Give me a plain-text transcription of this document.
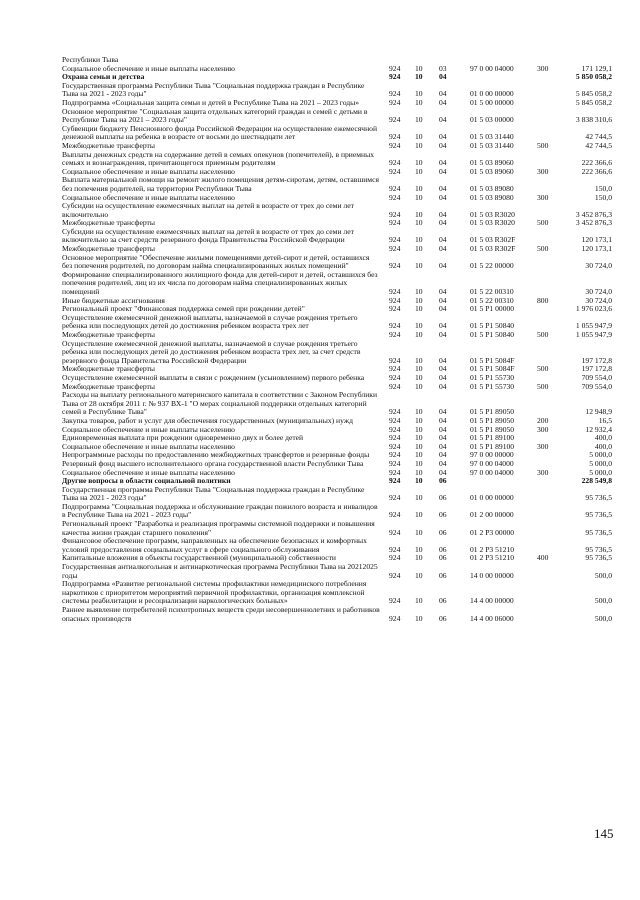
Республики Тыва
Социальное обеспечение и иные выплаты населению	924	10	03	97 0 00 04000	300	171 129,1
Охрана семьи и детства	924	10	04	5 850 058,2
Государственная программа Республики Тыва "Социальная поддержка граждан в Республике Тыва на 2021 - 2023 годы"	924	10	04	01 0 00 00000	5 845 058,2
Подпрограмма «Социальная защита семьи и детей в Республике Тыва на 2021 – 2023 годы»	924	10	04	01 5 00 00000	5 845 058,2
Основное мероприятие "Социальная защита отдельных категорий граждан и семей с детьми в Республике Тыва на 2021 – 2023 годы"	924	10	04	01 5 03 00000	3 838 310,6
Субвенции бюджету Пенсионного фонда Российской Федерации на осуществление ежемесячной денежной выплаты на ребенка в возрасте от восьми до шестнадцати лет	924	10	04	01 5 03 31440	42 744,5
Межбюджетные трансферты	924	10	04	01 5 03 31440	500	42 744,5
Выплаты денежных средств на содержание детей в семьях опекунов (попечителей), в приемных семьях и вознаграждения, причитающегося приемным родителям	924	10	04	01 5 03 89060	222 366,6
Социальное обеспечение и иные выплаты населению	924	10	04	01 5 03 89060	300	222 366,6
Выплата материальной помощи на ремонт жилого помещения детям-сиротам, детям, оставшимся без попечения родителей, на территории Республики Тыва	924	10	04	01 5 03 89080	150,0
Социальное обеспечение и иные выплаты населению	924	10	04	01 5 03 89080	300	150,0
Субсидии на осуществление ежемесячных выплат на детей в возрасте от трех до семи лет включительно	924	10	04	01 5 03 R3020	3 452 876,3
Межбюджетные трансферты	924	10	04	01 5 03 R3020	500	3 452 876,3
Субсидии на осуществление ежемесячных выплат на детей в возрасте от трех до семи лет включительно за счет средств резервного фонда Правительства Российской Федерации	924	10	04	01 5 03 R302F	120 173,1
Межбюджетные трансферты	924	10	04	01 5 03 R302F	500	120 173,1
Основное мероприятие "Обеспечение жилыми помещениями детей-сирот и детей, оставшихся без попечения родителей, по договорам найма специализированных жилых помещений"	924	10	04	01 5 22 00000	30 724,0
Формирование специализированного жилищного фонда для детей-сирот и детей, оставшихся без попечения родителей, лиц из их числа по договорам найма специализированных жилых помещений	924	10	04	01 5 22 00310	30 724,0
Иные бюджетные ассигнования	924	10	04	01 5 22 00310	800	30 724,0
Региональный проект "Финансовая поддержка семей при рождении детей"	924	10	04	01 5 P1 00000	1 976 023,6
Осуществление ежемесячной денежной выплаты, назначаемой в случае рождения третьего ребенка или последующих детей до достижения ребенком возраста трех лет	924	10	04	01 5 P1 50840	1 055 947,9
Межбюджетные трансферты	924	10	04	01 5 P1 50840	500	1 055 947,9
Осуществление ежемесячной денежной выплаты, назначаемой в случае рождения третьего ребенка или последующих детей до достижения ребенком возраста трех лет, за счет средств резервного фонда Правительства Российской Федерации	924	10	04	01 5 P1 5084F	197 172,8
Межбюджетные трансферты	924	10	04	01 5 P1 5084F	500	197 172,8
Осуществление ежемесячной выплаты в связи с рождением (усыновлением) первого ребенка	924	10	04	01 5 P1 55730	709 554,0
Межбюджетные трансферты	924	10	04	01 5 P1 55730	500	709 554,0
Расходы на выплату регионального материнского капитала в соответствии с Законом Республики Тыва от 28 октября 2011 г. № 937 ВХ-1 "О мерах социальной поддержки отдельных категорий семей в Республике Тыва"	924	10	04	01 5 P1 89050	12 948,9
Закупка товаров, работ и услуг для обеспечения государственных (муниципальных) нужд	924	10	04	01 5 P1 89050	200	16,5
Социальное обеспечение и иные выплаты населению	924	10	04	01 5 P1 89050	300	12 932,4
Единовременная выплата при рождении одновременно двух и более детей	924	10	04	01 5 P1 89100	400,0
Социальное обеспечение и иные выплаты населению	924	10	04	01 5 P1 89100	300	400,0
Непрограммные расходы по предоставлению межбюджетных трансфертов и резервные фонды	924	10	04	97 0 00 00000	5 000,0
Резервный фонд высшего исполнительного органа государственной власти Республики Тыва	924	10	04	97 0 00 04000	5 000,0
Социальное обеспечение и иные выплаты населению	924	10	04	97 0 00 04000	300	5 000,0
Другие вопросы в области социальной политики	924	10	06	228 549,8
Государственная программа Республики Тыва "Социальная поддержка граждан в Республике Тыва на 2021 - 2023 годы"	924	10	06	01 0 00 00000	95 736,5
Подпрограмма "Социальная поддержка и обслуживание граждан пожилого возраста и инвалидов в Республике Тыва на 2021 - 2023 годы"	924	10	06	01 2 00 00000	95 736,5
Региональный проект "Разработка и реализация программы системной поддержки и повышения качества жизни граждан старшего поколения"	924	10	06	01 2 P3 00000	95 736,5
Финансовое обеспечение программ, направленных на обеспечение безопасных и комфортных условий предоставления социальных услуг в сфере социального обслуживания	924	10	06	01 2 P3 51210	95 736,5
Капитальные вложения в объекты государственной (муниципальной) собственности	924	10	06	01 2 P3 51210	400	95 736,5
Государственная антиалкогольная и антинаркотическая программа Республики Тыва на 20212025 годы	924	10	06	14 0 00 00000	500,0
Подпрограмма «Развитие региональной системы профилактики немедицинского потребления наркотиков с приоритетом мероприятий первичной профилактики, организация комплексной системы реабилитации и ресоциализации наркологических больных»	924	10	06	14 4 00 00000	500,0
Раннее выявление потребителей психотропных веществ среди несовершеннолетних и работников опасных производств	924	10	06	14 4 00 06000	500,0
145
